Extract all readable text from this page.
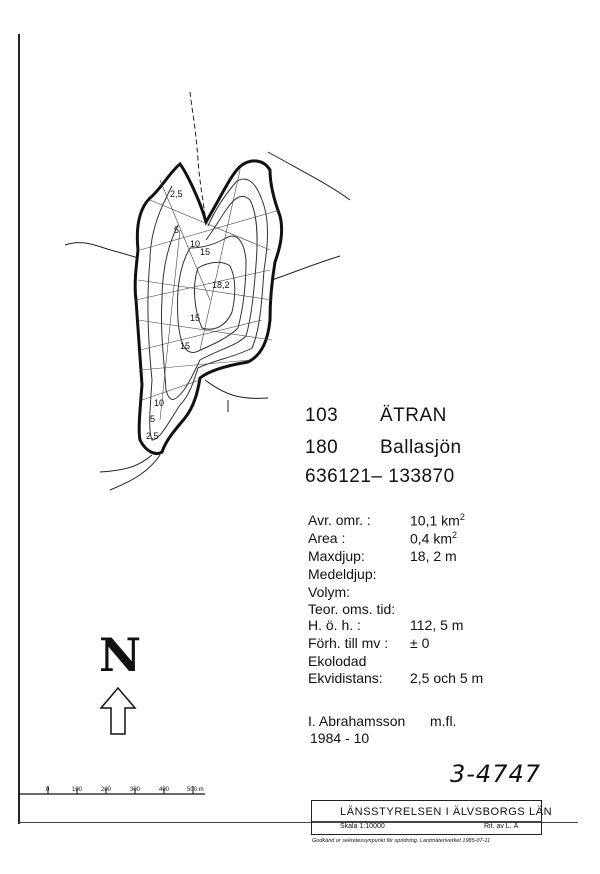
2,5
5
10
15
18,2
15
15
10
5
2,5
103 ÄTRAN
180 Ballasjön
636121– 133870
Avr. omr. :	10,1 $km^2$
Area :	0,4 $km^2$
Maxdjup:	18, 2 m
Medeldjup:
Volym:
Teor. oms. tid:
H. ö. h. :	112, 5 m
Förh. till mv : ± 0
Ekolodad
Ekvidistans: 2,5 och 5 m
I. Abrahamsson m.fl.
1984 - 10
3-4747
N
0	100	200	300	400	500 m
LÄNSSTYRELSEN I ÄLVSBORGS LÄN
Skala 1:10000	Rit. av L. Å
Godkänd ur sekretessynpunkt för spridning, Lantmäteriverket 1985-07-11
